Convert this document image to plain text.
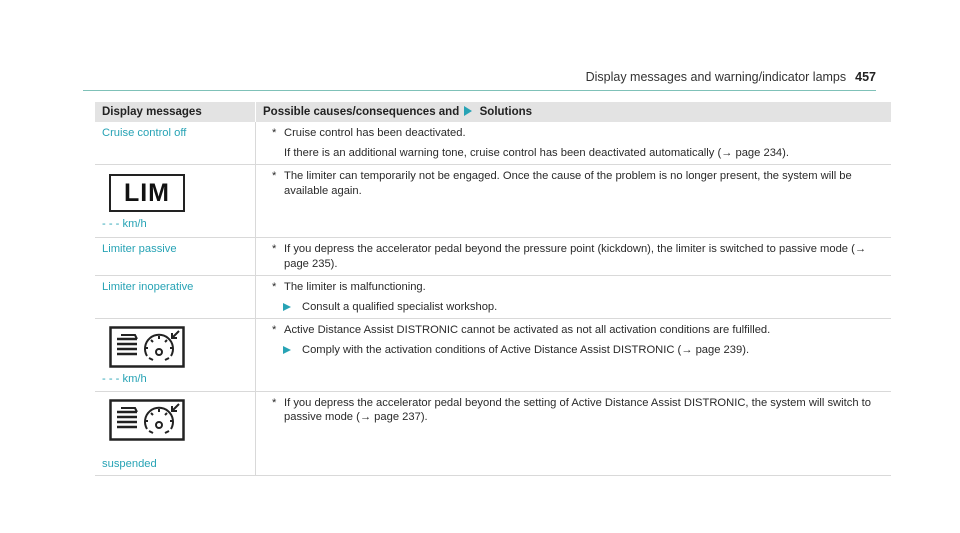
Display messages and warning/indicator lamps 457
Display messages	Possible causes/consequences and Solutions
Cruise control off	* Cruise control has been deactivated.
If there is an additional warning tone, cruise control has been deactivated automatically (→ page 234).

LIM
- - - km/h	* The limiter can temporarily not be engaged. Once the cause of the problem is no longer present, the system will be available again.

Limiter passive	* If you depress the accelerator pedal beyond the pressure point (kickdown), the limiter is switched to passive mode (→ page 235).

Limiter inoperative	* The limiter is malfunctioning.
Consult a qualified specialist workshop.

- - - km/h	* Active Distance Assist DISTRONIC cannot be activated as not all activation conditions are fulfilled.
Comply with the activation conditions of Active Distance Assist DISTRONIC (→ page 239).

suspended	* If you depress the accelerator pedal beyond the setting of Active Distance Assist DISTRONIC, the system will switch to passive mode (→ page 237).
